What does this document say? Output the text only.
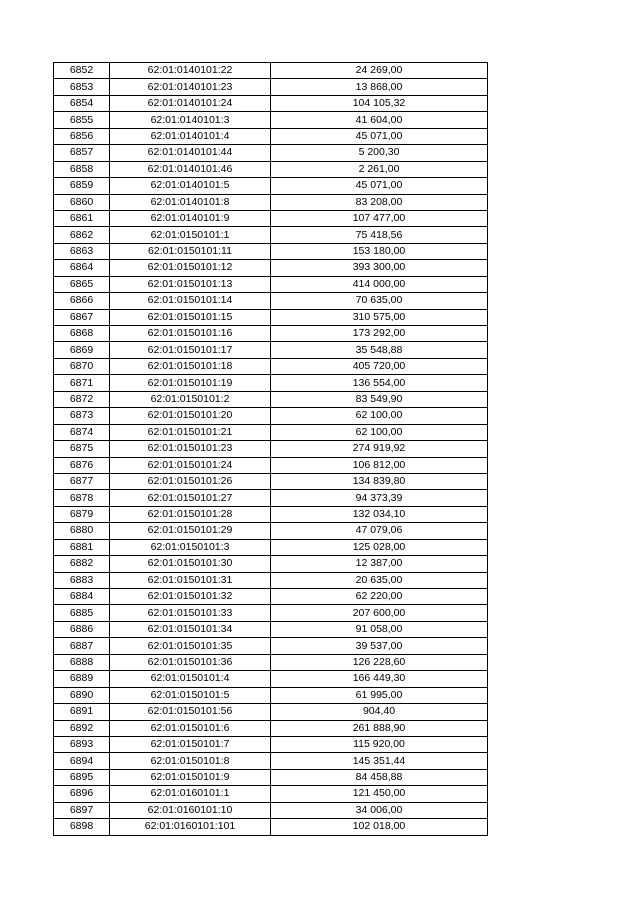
6852	62:01:0140101:22	24 269,00
6853	62:01:0140101:23	13 868,00
6854	62:01:0140101:24	104 105,32
6855	62:01:0140101:3	41 604,00
6856	62:01:0140101:4	45 071,00
6857	62:01:0140101:44	5 200,30
6858	62:01:0140101:46	2 261,00
6859	62:01:0140101:5	45 071,00
6860	62:01:0140101:8	83 208,00
6861	62:01:0140101:9	107 477,00
6862	62:01:0150101:1	75 418,56
6863	62:01:0150101:11	153 180,00
6864	62:01:0150101:12	393 300,00
6865	62:01:0150101:13	414 000,00
6866	62:01:0150101:14	70 635,00
6867	62:01:0150101:15	310 575,00
6868	62:01:0150101:16	173 292,00
6869	62:01:0150101:17	35 548,88
6870	62:01:0150101:18	405 720,00
6871	62:01:0150101:19	136 554,00
6872	62:01:0150101:2	83 549,90
6873	62:01:0150101:20	62 100,00
6874	62:01:0150101:21	62 100,00
6875	62:01:0150101:23	274 919,92
6876	62:01:0150101:24	106 812,00
6877	62:01:0150101:26	134 839,80
6878	62:01:0150101:27	94 373,39
6879	62:01:0150101:28	132 034,10
6880	62:01:0150101:29	47 079,06
6881	62:01:0150101:3	125 028,00
6882	62:01:0150101:30	12 387,00
6883	62:01:0150101:31	20 635,00
6884	62:01:0150101:32	62 220,00
6885	62:01:0150101:33	207 600,00
6886	62:01:0150101:34	91 058,00
6887	62:01:0150101:35	39 537,00
6888	62:01:0150101:36	126 228,60
6889	62:01:0150101:4	166 449,30
6890	62:01:0150101:5	61 995,00
6891	62:01:0150101:56	904,40
6892	62:01:0150101:6	261 888,90
6893	62:01:0150101:7	115 920,00
6894	62:01:0150101:8	145 351,44
6895	62:01:0150101:9	84 458,88
6896	62:01:0160101:1	121 450,00
6897	62:01:0160101:10	34 006,00
6898	62:01:0160101:101	102 018,00
